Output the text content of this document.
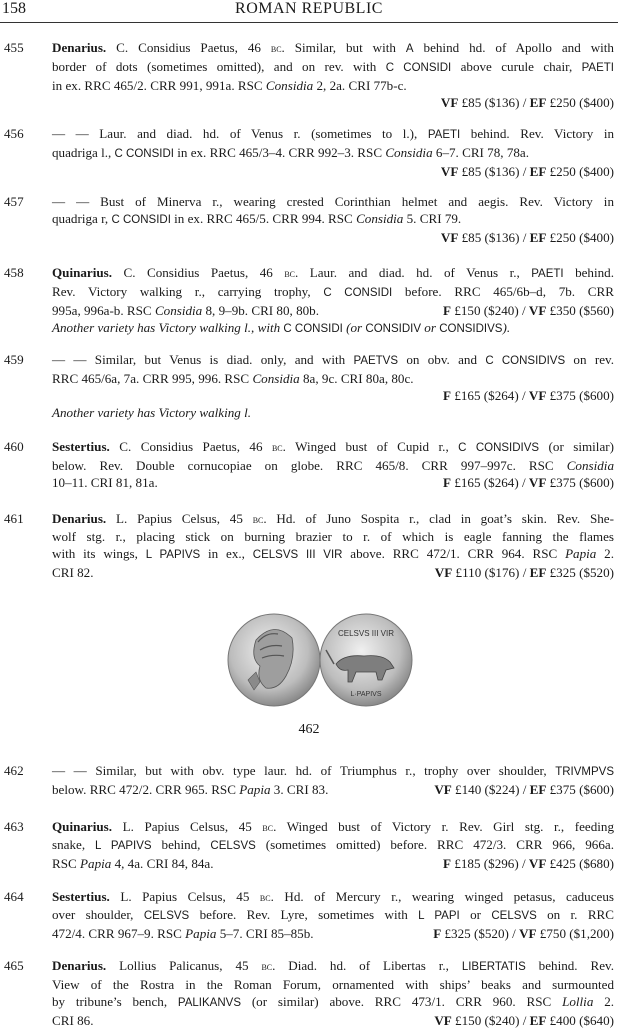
158	ROMAN REPUBLIC
455	Denarius. C. Considius Paetus, 46 bc. Similar, but with A behind hd. of Apollo and with
border of dots (sometimes omitted), and on rev. with C CONSIDI above curule chair, PAETI
in ex. RRC 465/2. CRR 991, 991a. RSC Considia 2, 2a. CRI 77b-c.
VF £85 ($136) / EF £250 ($400)
456	— — Laur. and diad. hd. of Venus r. (sometimes to l.), PAETI behind. Rev. Victory in
quadriga l., C CONSIDI in ex. RRC 465/3–4. CRR 992–3. RSC Considia 6–7. CRI 78, 78a.
VF £85 ($136) / EF £250 ($400)
457	— — Bust of Minerva r., wearing crested Corinthian helmet and aegis. Rev. Victory in
quadriga r, C CONSIDI in ex. RRC 465/5. CRR 994. RSC Considia 5. CRI 79.
VF £85 ($136) / EF £250 ($400)
458	Quinarius. C. Considius Paetus, 46 bc. Laur. and diad. hd. of Venus r., PAETI behind.
Rev. Victory walking r., carrying trophy, C CONSIDI before. RRC 465/6b–d, 7b. CRR
995a, 996a-b. RSC Considia 8, 9–9b. CRI 80, 80b.	F £150 ($240) / VF £350 ($560)
Another variety has Victory walking l., with C CONSIDI (or CONSIDIV or CONSIDIVS).
459	— — Similar, but Venus is diad. only, and with PAETVS on obv. and C CONSIDIVS on rev.
RRC 465/6a, 7a. CRR 995, 996. RSC Considia 8a, 9c. CRI 80a, 80c.
F £165 ($264) / VF £375 ($600)
Another variety has Victory walking l.
460	Sestertius. C. Considius Paetus, 46 bc. Winged bust of Cupid r., C CONSIDIVS (or similar)
below. Rev. Double cornucopiae on globe. RRC 465/8. CRR 997–997c. RSC Considia
10–11. CRI 81, 81a.	F £165 ($264) / VF £375 ($600)
461	Denarius. L. Papius Celsus, 45 bc. Hd. of Juno Sospita r., clad in goat’s skin. Rev. She-
wolf stg. r., placing stick on burning brazier to r. of which is eagle fanning the flames
with its wings, L PAPIVS in ex., CELSVS III VIR above. RRC 472/1. CRR 964. RSC Papia 2.
CRI 82.	VF £110 ($176) / EF £325 ($520)
462	— — Similar, but with obv. type laur. hd. of Triumphus r., trophy over shoulder, TRIVMPVS
below. RRC 472/2. CRR 965. RSC Papia 3. CRI 83.	VF £140 ($224) / EF £375 ($600)
463	Quinarius. L. Papius Celsus, 45 bc. Winged bust of Victory r. Rev. Girl stg. r., feeding
snake, L PAPIVS behind, CELSVS (sometimes omitted) before. RRC 472/3. CRR 966, 966a.
RSC Papia 4, 4a. CRI 84, 84a.	F £185 ($296) / VF £425 ($680)
464	Sestertius. L. Papius Celsus, 45 bc. Hd. of Mercury r., wearing winged petasus, caduceus
over shoulder, CELSVS before. Rev. Lyre, sometimes with L PAPI or CELSVS on r. RRC
472/4. CRR 967–9. RSC Papia 5–7. CRI 85–85b.	F £325 ($520) / VF £750 ($1,200)
465	Denarius. Lollius Palicanus, 45 bc. Diad. hd. of Libertas r., LIBERTATIS behind. Rev.
View of the Rostra in the Roman Forum, ornamented with ships’ beaks and surmounted
by tribune’s bench, PALIKANVS (or similar) above. RRC 473/1. CRR 960. RSC Lollia 2.
CRI 86.	VF £150 ($240) / EF £400 ($640)
CELSVS III VIR
L·PAPIVS
462
